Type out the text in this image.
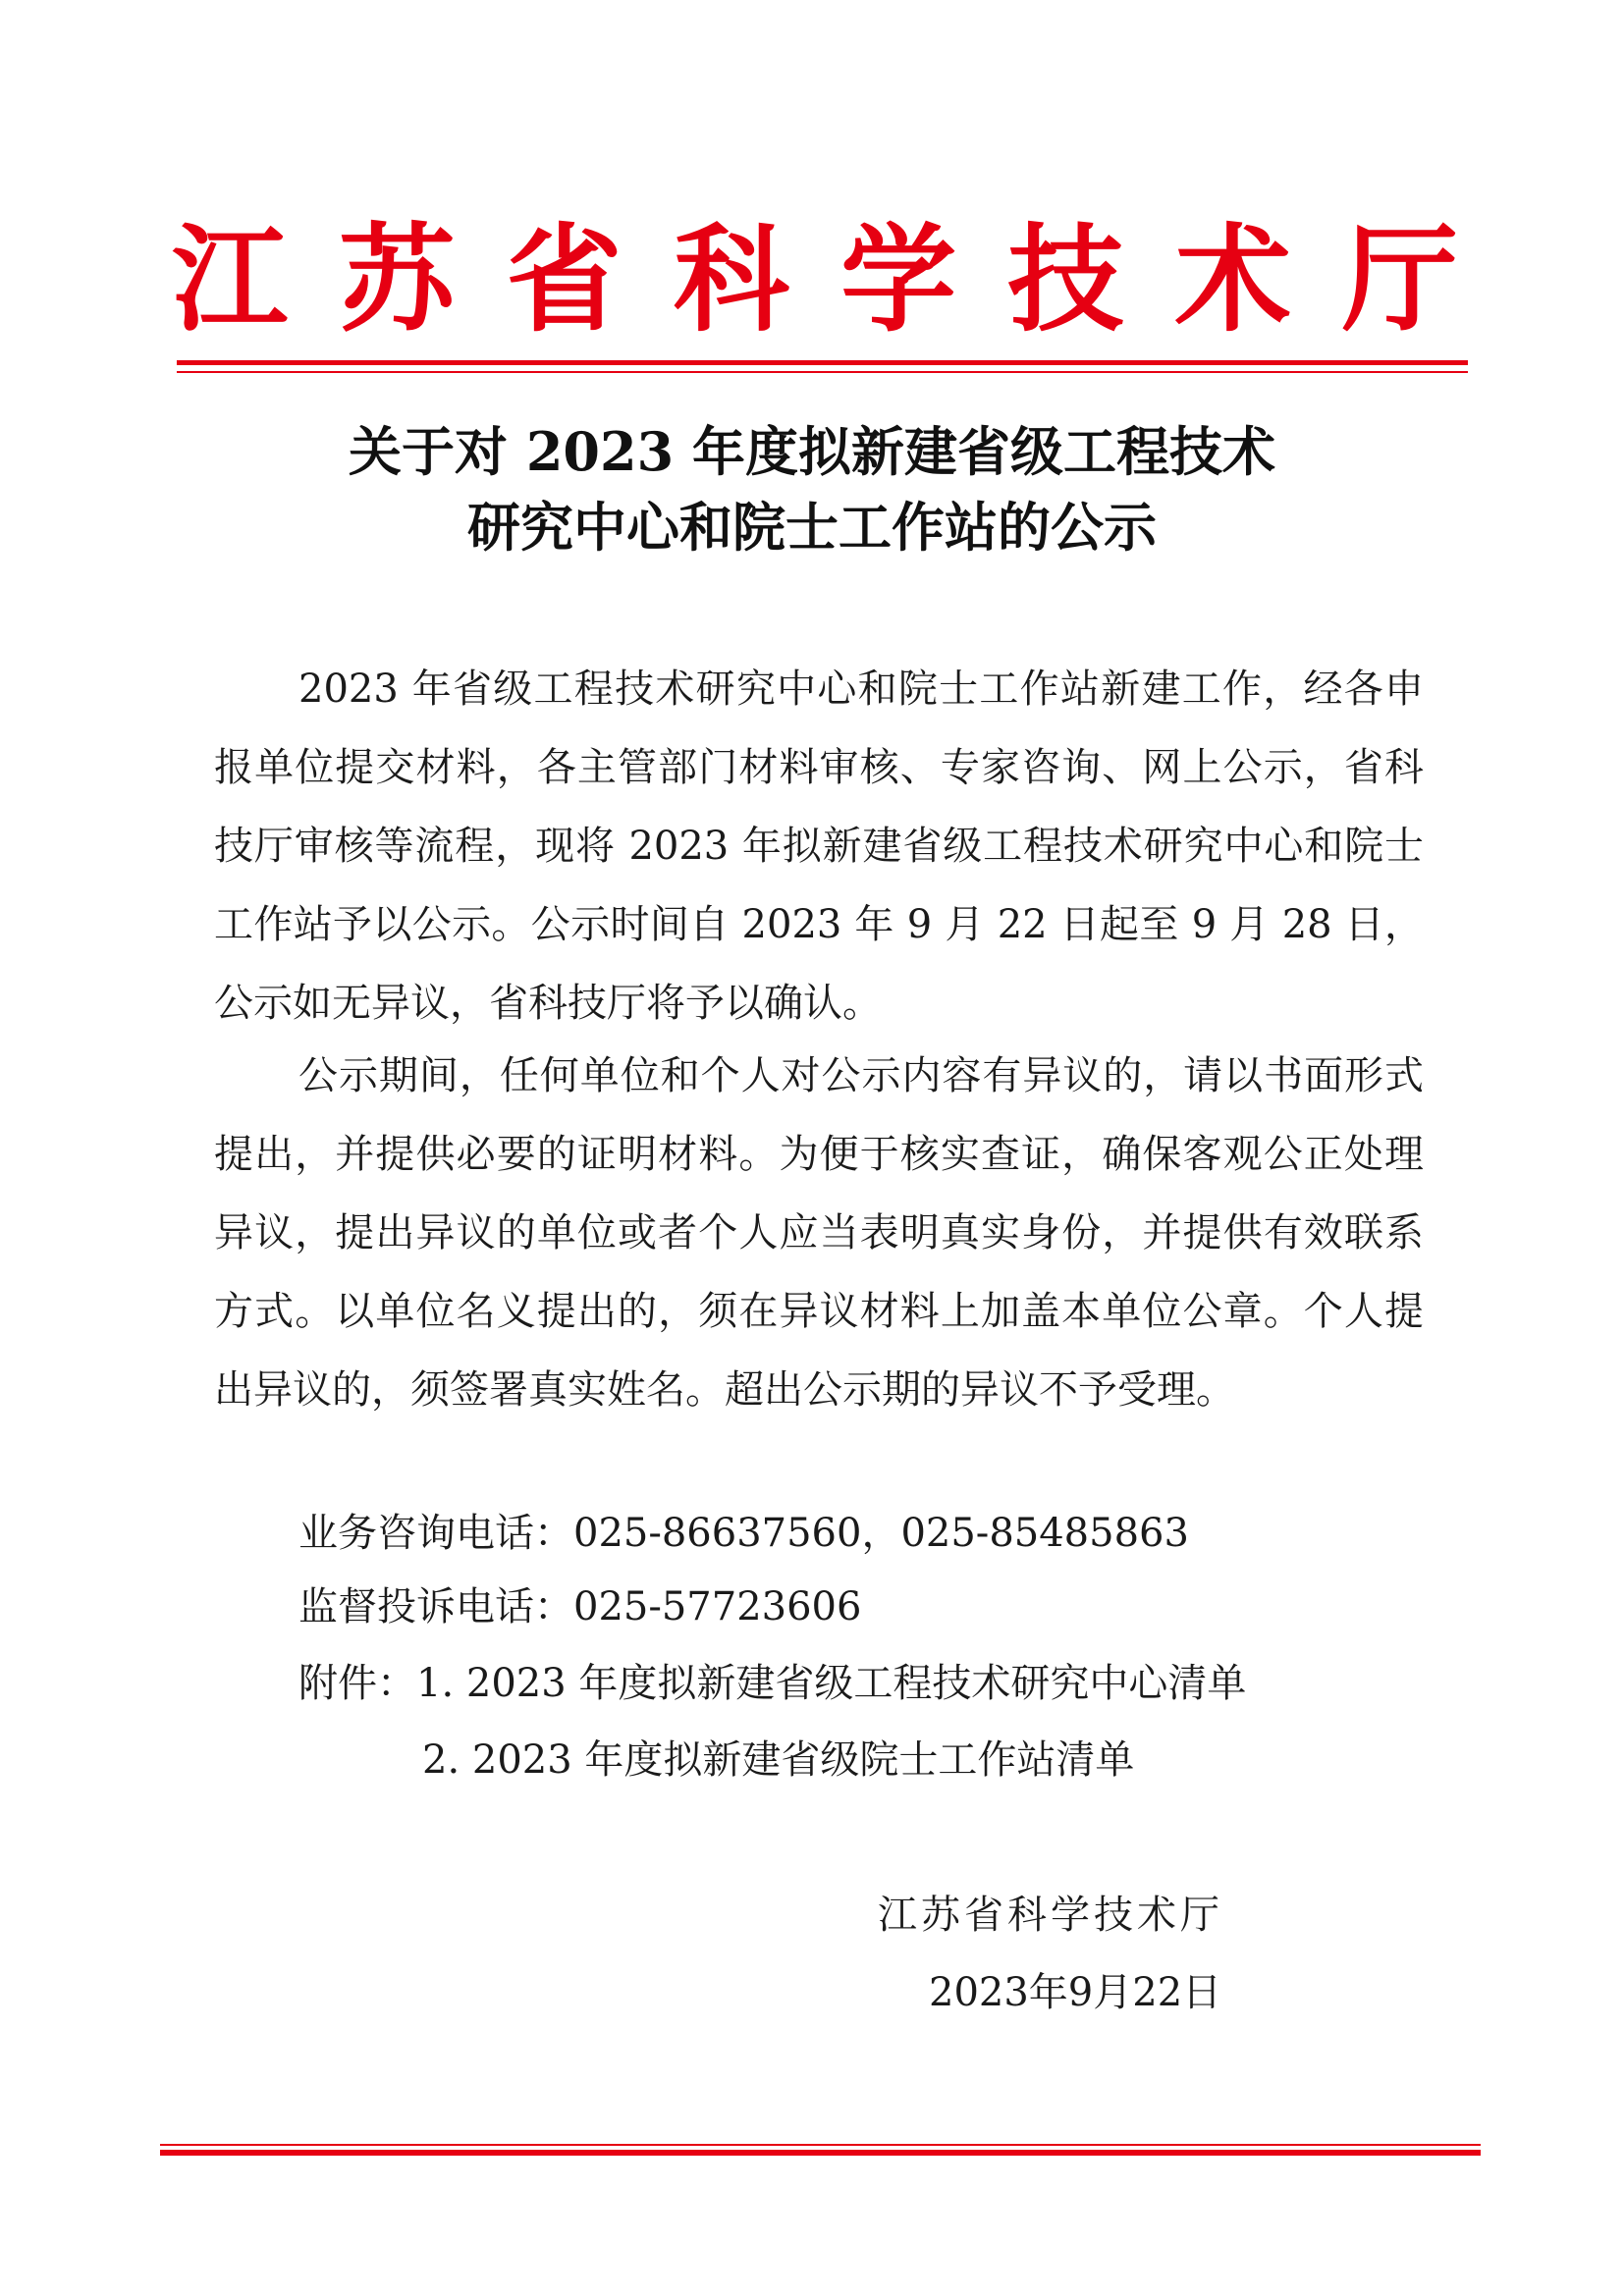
江 苏 省 科 学 技 术 厅
关于对 2023 年度拟新建省级工程技术
研究中心和院士工作站的公示

2023 年省级工程技术研究中心和院士工作站新建工作，经各申报单位提交材料，各主管部门材料审核、专家咨询、网上公示，省科技厅审核等流程，现将 2023 年拟新建省级工程技术研究中心和院士工作站予以公示。公示时间自 2023 年 9 月 22 日起至 9 月 28 日，公示如无异议，省科技厅将予以确认。

公示期间，任何单位和个人对公示内容有异议的，请以书面形式提出，并提供必要的证明材料。为便于核实查证，确保客观公正处理异议，提出异议的单位或者个人应当表明真实身份，并提供有效联系方式。以单位名义提出的，须在异议材料上加盖本单位公章。个人提出异议的，须签署真实姓名。超出公示期的异议不予受理。

业务咨询电话：025-86637560，025-85485863
监督投诉电话：025-57723606
附件：1. 2023 年度拟新建省级工程技术研究中心清单
2. 2023 年度拟新建省级院士工作站清单
江苏省科学技术厅
2023年9月22日
